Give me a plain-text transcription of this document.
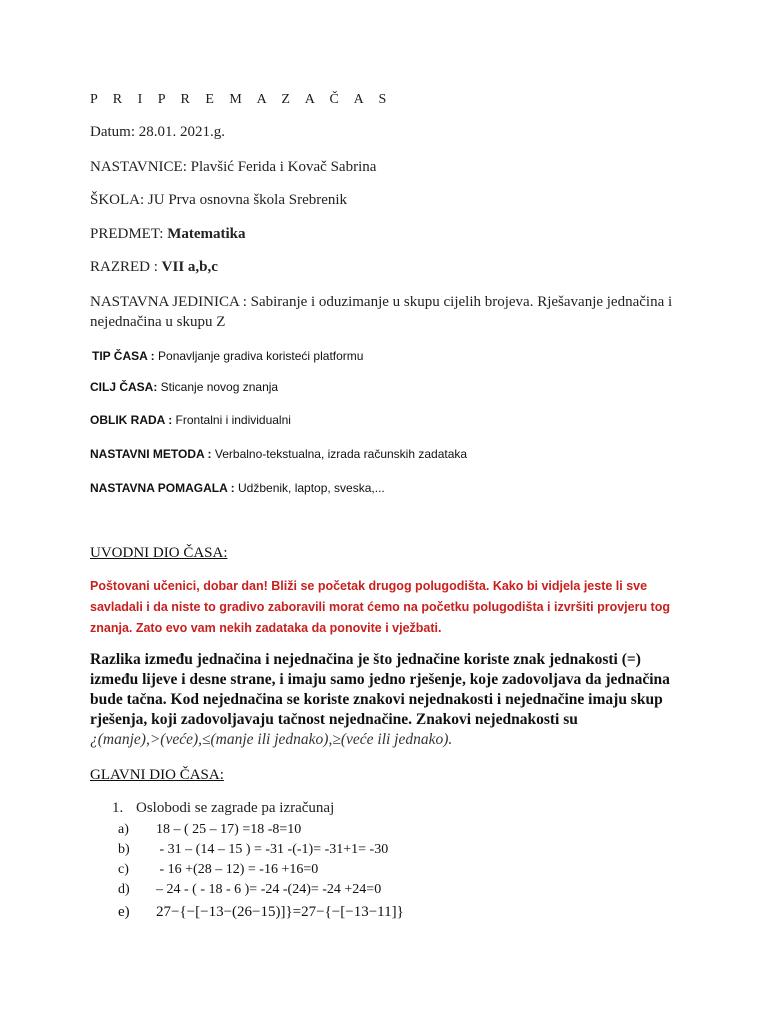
P R I P R E M A Z A Č A S
Datum: 28.01. 2021.g.
NASTAVNICE: Plavšić Ferida i Kovač Sabrina
ŠKOLA: JU Prva osnovna škola Srebrenik
PREDMET: Matematika
RAZRED : VII a,b,c
NASTAVNA JEDINICA : Sabiranje i oduzimanje u skupu cijelih brojeva. Rješavanje jednačina i nejednačina u skupu Z
TIP ČASA : Ponavljanje gradiva koristeći platformu
CILJ ČASA: Sticanje novog znanja
OBLIK RADA : Frontalni i individualni
NASTAVNI METODA : Verbalno-tekstualna, izrada računskih zadataka
NASTAVNA POMAGALA : Udžbenik, laptop, sveska,...
UVODNI DIO ČASA:
Poštovani učenici, dobar dan! Bliži se početak drugog polugodišta. Kako bi vidjela jeste li sve savladali i da niste to gradivo zaboravili morat ćemo na početku polugodišta i izvršiti provjeru tog znanja. Zato evo vam nekih zadataka da ponovite i vježbati.
Razlika između jednačina i nejednačina je što jednačine koriste znak jednakosti (=) između lijeve i desne strane, i imaju samo jedno rješenje, koje zadovoljava da jednačina bude tačna. Kod nejednačina se koriste znakovi nejednakosti i nejednačine imaju skup rješenja, koji zadovoljavaju tačnost nejednačine. Znakovi nejednakosti su
¿(manje),>(veće),≤(manje ili jednako),≥(veće ili jednako).
GLAVNI DIO ČASA:
1. Oslobodi se zagrade pa izračunaj
a) 18 – ( 25 – 17) =18 -8=10
b) - 31 – (14 – 15 ) = -31 -(-1)= -31+1= -30
c) - 16 +(28 – 12) = -16 +16=0
d) – 24 - ( - 18 - 6 )= -24 -(24)= -24 +24=0
e) 27−{−[−13−(26−15)]}=27−{−[−13−11]}
